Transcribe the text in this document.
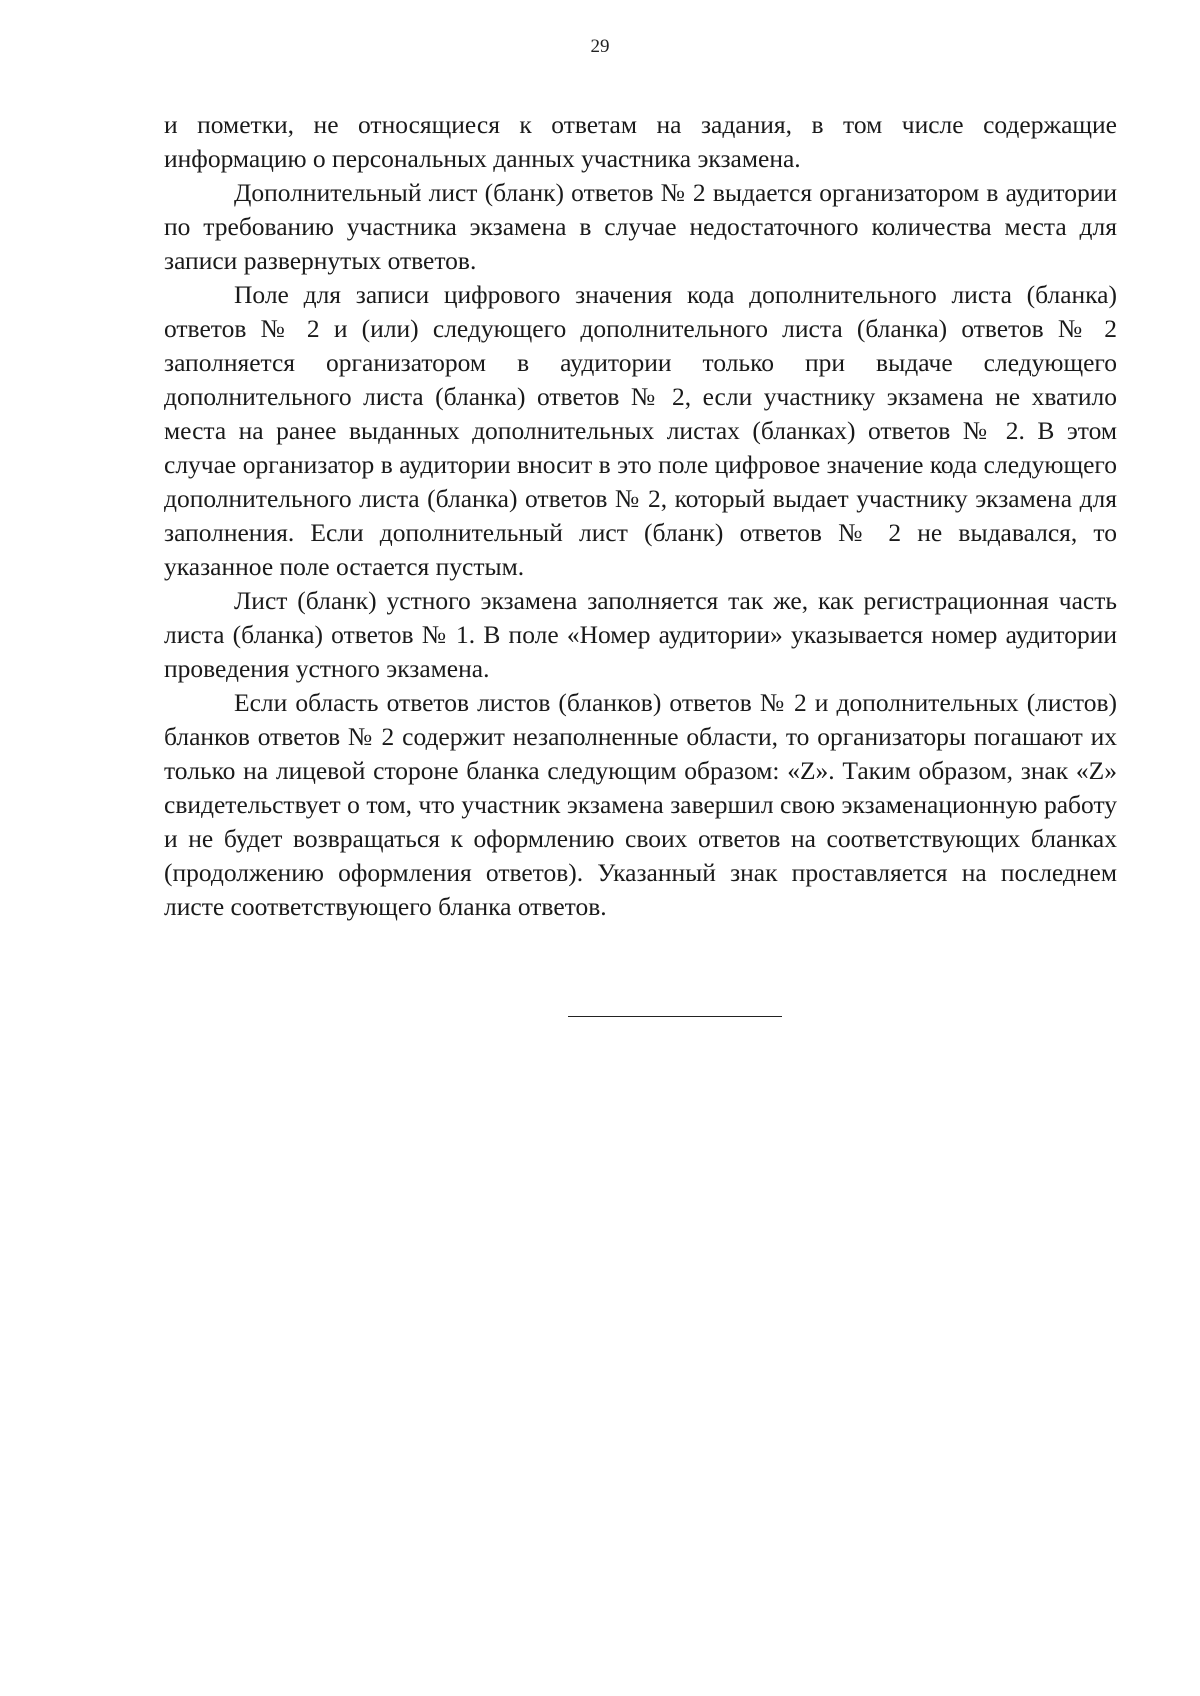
29

и пометки, не относящиеся к ответам на задания, в том числе содержащие информацию о персональных данных участника экзамена.

Дополнительный лист (бланк) ответов № 2 выдается организатором в аудитории по требованию участника экзамена в случае недостаточного количества места для записи развернутых ответов.

Поле для записи цифрового значения кода дополнительного листа (бланка) ответов № 2 и (или) следующего дополнительного листа (бланка) ответов № 2 заполняется организатором в аудитории только при выдаче следующего дополнительного листа (бланка) ответов № 2, если участнику экзамена не хватило места на ранее выданных дополнительных листах (бланках) ответов № 2. В этом случае организатор в аудитории вносит в это поле цифровое значение кода следующего дополнительного листа (бланка) ответов № 2, который выдает участнику экзамена для заполнения. Если дополнительный лист (бланк) ответов № 2 не выдавался, то указанное поле остается пустым.

Лист (бланк) устного экзамена заполняется так же, как регистрационная часть листа (бланка) ответов № 1. В поле «Номер аудитории» указывается номер аудитории проведения устного экзамена.

Если область ответов листов (бланков) ответов № 2 и дополнительных (листов) бланков ответов № 2 содержит незаполненные области, то организаторы погашают их только на лицевой стороне бланка следующим образом: «Z». Таким образом, знак «Z» свидетельствует о том, что участник экзамена завершил свою экзаменационную работу и не будет возвращаться к оформлению своих ответов на соответствующих бланках (продолжению оформления ответов). Указанный знак проставляется на последнем листе соответствующего бланка ответов.
